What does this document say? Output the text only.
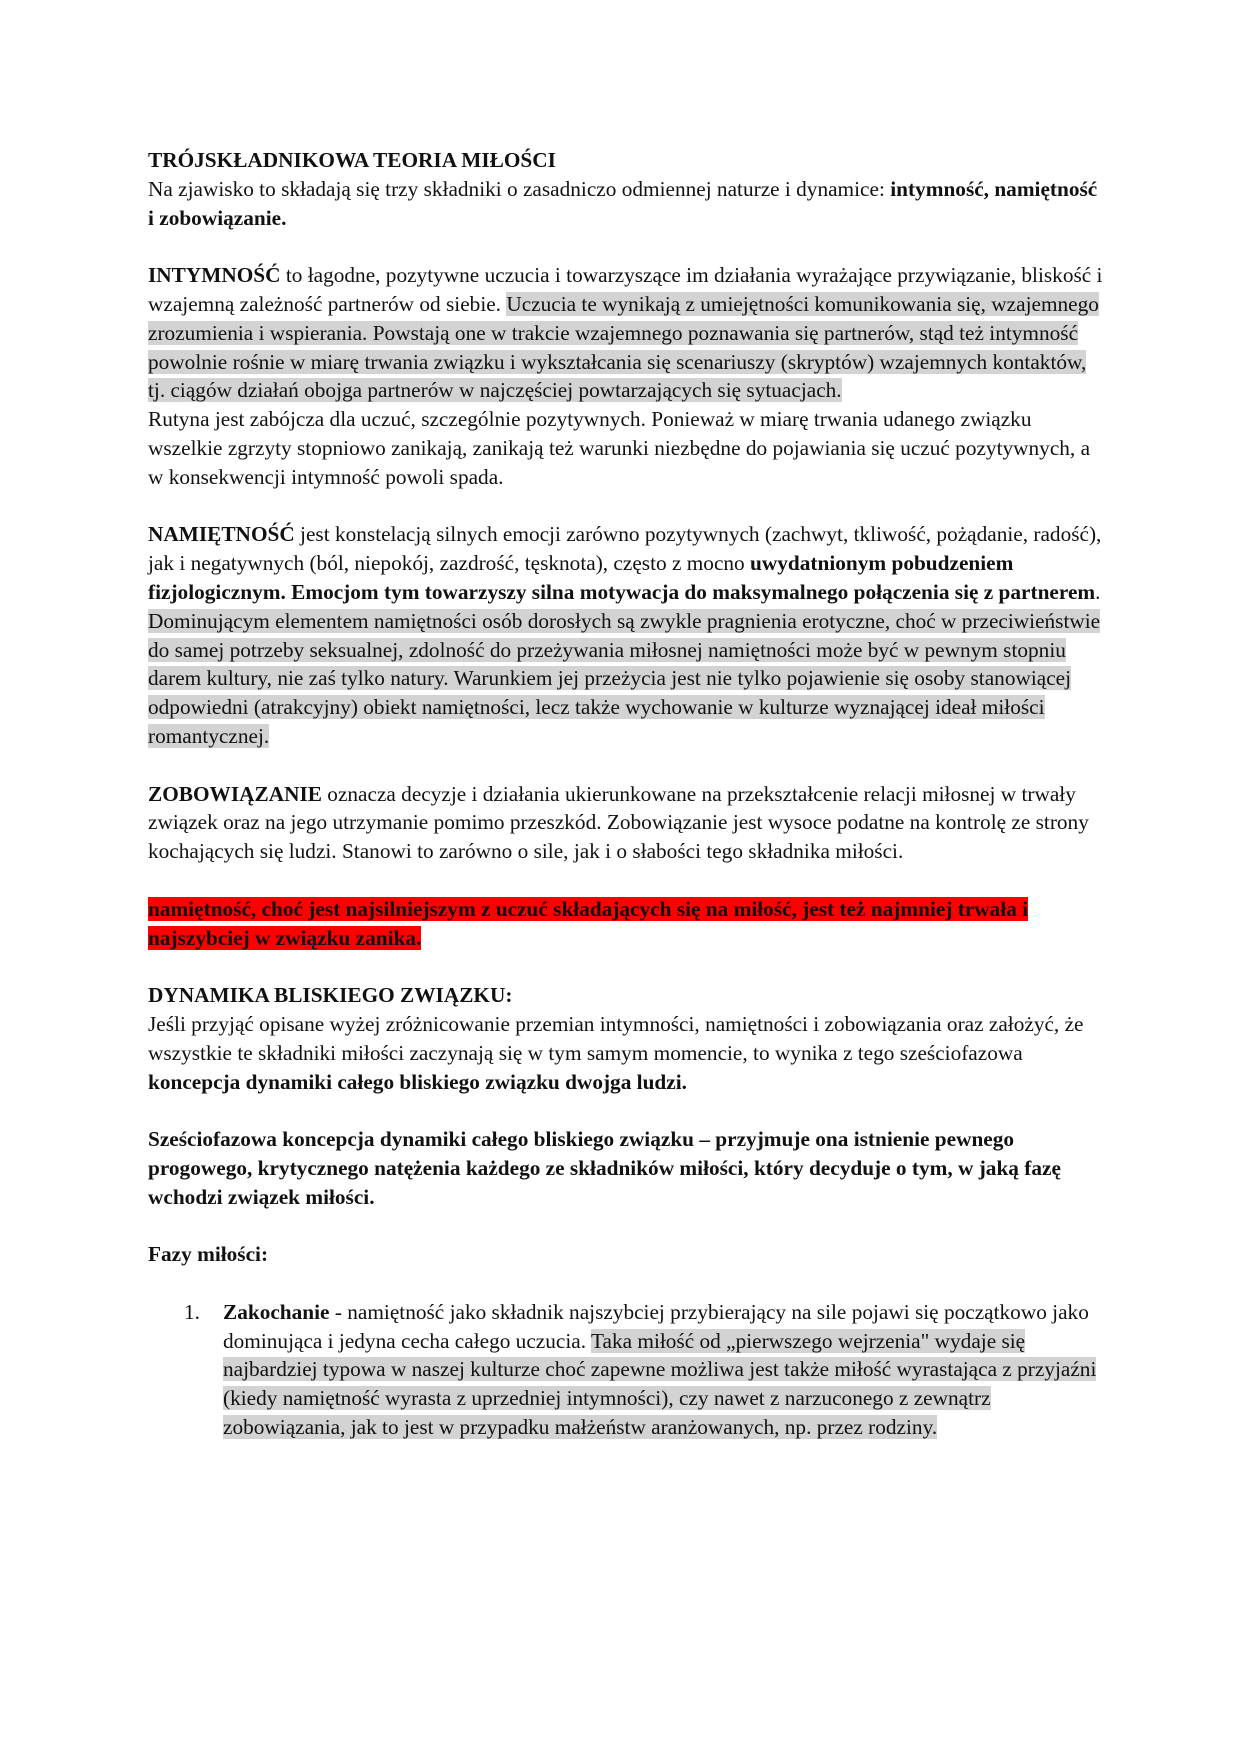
TRÓJSKŁADNIKOWA TEORIA MIŁOŚCI
Na zjawisko to składają się trzy składniki o zasadniczo odmiennej naturze i dynamice: intymność, namiętność i zobowiązanie.
INTYMNOŚĆ to łagodne, pozytywne uczucia i towarzyszące im działania wyrażające przywiązanie, bliskość i wzajemną zależność partnerów od siebie. Uczucia te wynikają z umiejętności komunikowania się, wzajemnego zrozumienia i wspierania. Powstają one w trakcie wzajemnego poznawania się partnerów, stąd też intymność powolnie rośnie w miarę trwania związku i wykształcania się scenariuszy (skryptów) wzajemnych kontaktów, tj. ciągów działań obojga partnerów w najczęściej powtarzających się sytuacjach.
Rutyna jest zabójcza dla uczuć, szczególnie pozytywnych. Ponieważ w miarę trwania udanego związku wszelkie zgrzyty stopniowo zanikają, zanikają też warunki niezbędne do pojawiania się uczuć pozytywnych, a w konsekwencji intymność powoli spada.
NAMIĘTNOŚĆ jest konstelacją silnych emocji zarówno pozytywnych (zachwyt, tkliwość, pożądanie, radość), jak i negatywnych (ból, niepokój, zazdrość, tęsknota), często z mocno uwydatnionym pobudzeniem fizjologicznym. Emocjom tym towarzyszy silna motywacja do maksymalnego połączenia się z partnerem. Dominującym elementem namiętności osób dorosłych są zwykle pragnienia erotyczne, choć w przeciwieństwie do samej potrzeby seksualnej, zdolność do przeżywania miłosnej namiętności może być w pewnym stopniu darem kultury, nie zaś tylko natury. Warunkiem jej przeżycia jest nie tylko pojawienie się osoby stanowiącej odpowiedni (atrakcyjny) obiekt namiętności, lecz także wychowanie w kulturze wyznającej ideał miłości romantycznej.
ZOBOWIĄZANIE oznacza decyzje i działania ukierunkowane na przekształcenie relacji miłosnej w trwały związek oraz na jego utrzymanie pomimo przeszkód. Zobowiązanie jest wysoce podatne na kontrolę ze strony kochających się ludzi. Stanowi to zarówno o sile, jak i o słabości tego składnika miłości.
namiętność, choć jest najsilniejszym z uczuć składających się na miłość, jest też najmniej trwała i najszybciej w związku zanika.
DYNAMIKA BLISKIEGO ZWIĄZKU:
Jeśli przyjąć opisane wyżej zróżnicowanie przemian intymności, namiętności i zobowiązania oraz założyć, że wszystkie te składniki miłości zaczynają się w tym samym momencie, to wynika z tego sześciofazowa
koncepcja dynamiki całego bliskiego związku dwojga ludzi.
Sześciofazowa koncepcja dynamiki całego bliskiego związku – przyjmuje ona istnienie pewnego progowego, krytycznego natężenia każdego ze składników miłości, który decyduje o tym, w jaką fazę wchodzi związek miłości.
Fazy miłości:
1. Zakochanie - namiętność jako składnik najszybciej przybierający na sile pojawi się początkowo jako dominująca i jedyna cecha całego uczucia. Taka miłość od „pierwszego wejrzenia" wydaje się najbardziej typowa w naszej kulturze choć zapewne możliwa jest także miłość wyrastająca z przyjaźni (kiedy namiętność wyrasta z uprzedniej intymności), czy nawet z narzuconego z zewnątrz zobowiązania, jak to jest w przypadku małżeństw aranżowanych, np. przez rodziny.
